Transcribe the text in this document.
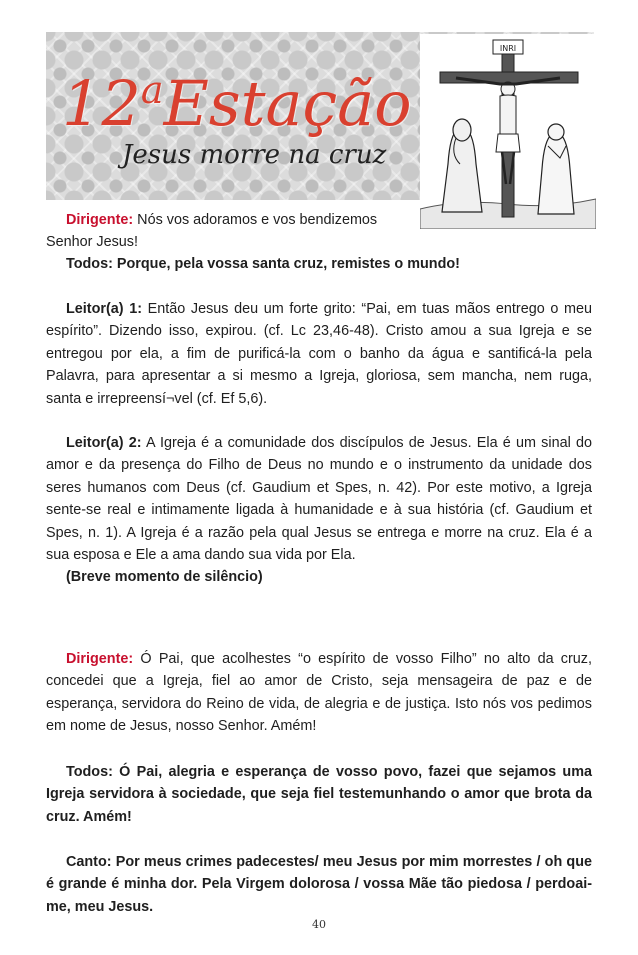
12$^a$Estação
Jesus morre na cruz
INRI
Dirigente: Nós vos adoramos e vos bendizemos
Senhor Jesus!
Todos: Porque, pela vossa santa cruz, remistes o mundo!
Leitor(a) 1: Então Jesus deu um forte grito: “Pai, em tuas mãos entrego o meu espírito”. Dizendo isso, expirou. (cf. Lc 23,46-48). Cristo amou a sua Igreja e se entregou por ela, a fim de purificá-la com o banho da água e santificá-la pela Palavra, para apresentar a si mesmo a Igreja, gloriosa, sem mancha, nem ruga, santa e irrepreensí¬vel (cf. Ef 5,6).
Leitor(a) 2: A Igreja é a comunidade dos discípulos de Jesus. Ela é um sinal do amor e da presença do Filho de Deus no mundo e o instrumento da unidade dos seres humanos com Deus (cf. Gaudium et Spes, n. 42). Por este motivo, a Igreja sente-se real e intimamente ligada à humanidade e à sua história (cf. Gaudium et Spes, n. 1). A Igreja é a razão pela qual Jesus se entrega e morre na cruz. Ela é a sua esposa e Ele a ama dando sua vida por Ela.
(Breve momento de silêncio)
Dirigente: Ó Pai, que acolhestes “o espírito de vosso Filho” no alto da cruz, concedei que a Igreja, fiel ao amor de Cristo, seja mensageira de paz e de esperança, servidora do Reino de vida, de alegria e de justiça. Isto nós vos pedimos em nome de Jesus, nosso Senhor. Amém!
Todos: Ó Pai, alegria e esperança de vosso povo, fazei que sejamos uma Igreja servidora à sociedade, que seja fiel testemunhando o amor que brota da cruz. Amém!
Canto: Por meus crimes padecestes/ meu Jesus por mim morrestes / oh que é grande é minha dor. Pela Virgem dolorosa / vossa Mãe tão piedosa / perdoai-me, meu Jesus.
40
